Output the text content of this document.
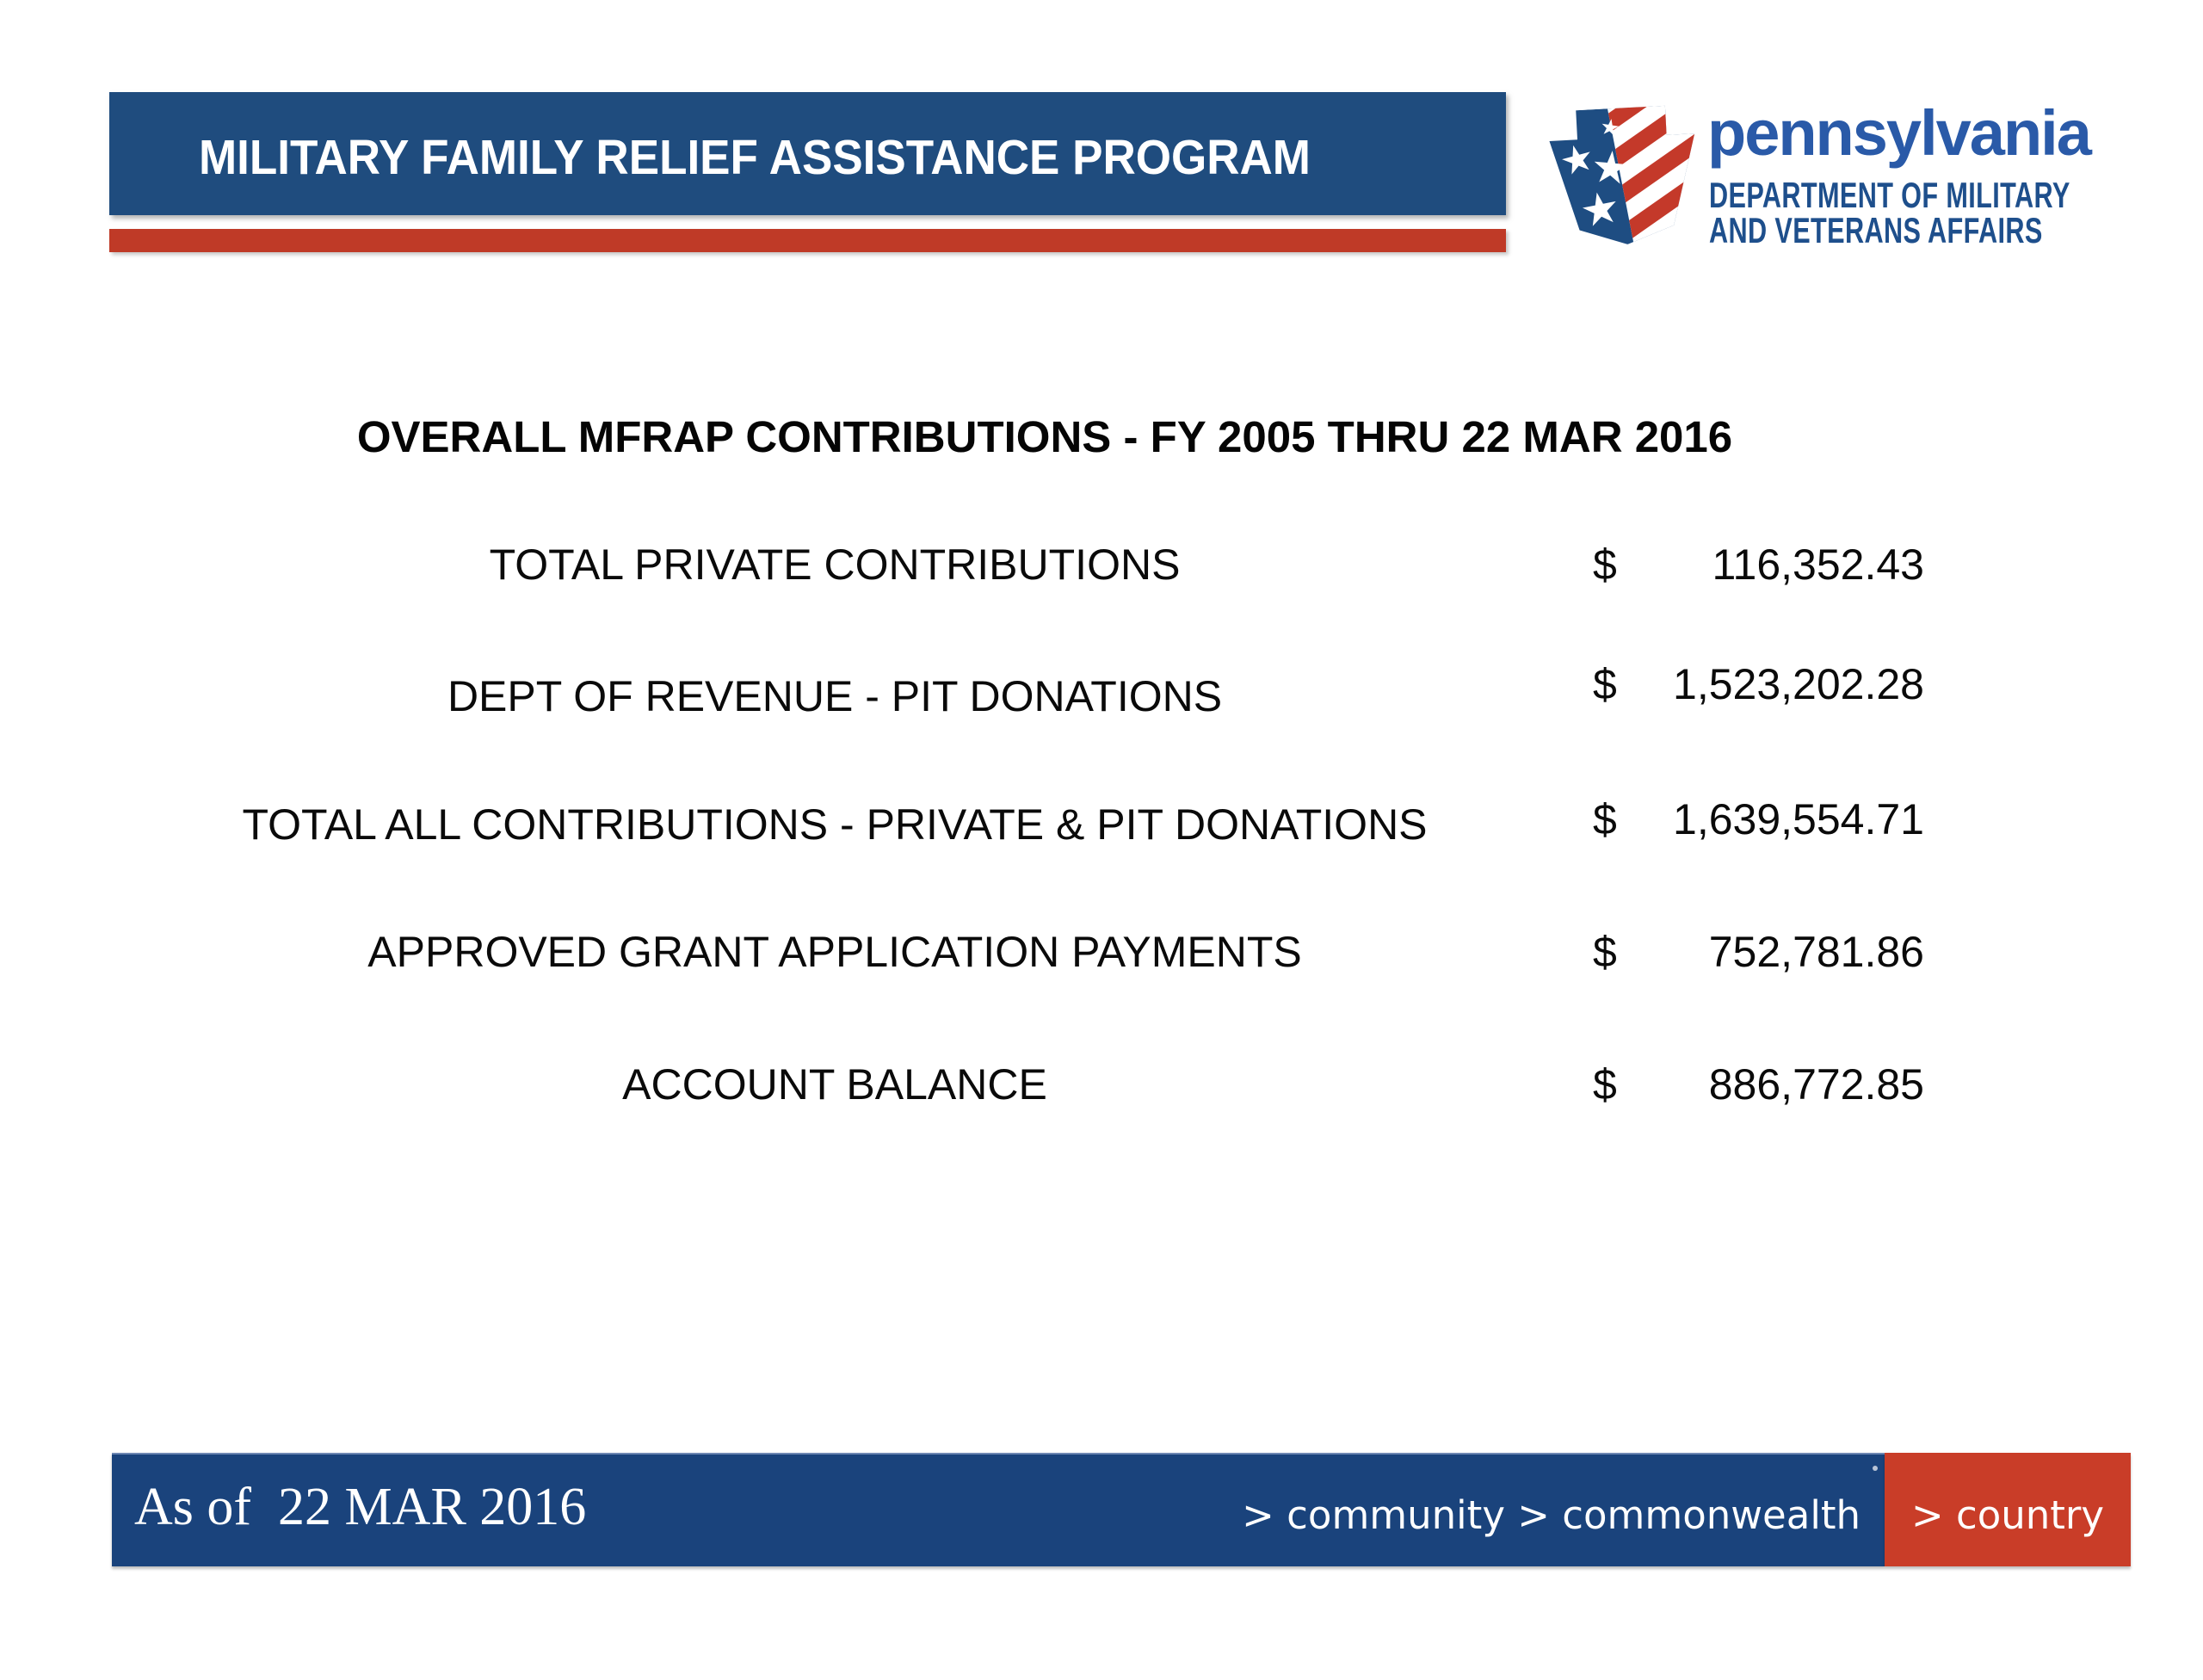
MILITARY FAMILY RELIEF ASSISTANCE PROGRAM	pennsylvania
DEPARTMENT OF MILITARY
AND VETERANS AFFAIRS
OVERALL MFRAP CONTRIBUTIONS - FY 2005 THRU 22 MAR 2016
TOTAL PRIVATE CONTRIBUTIONS	$	116,352.43
DEPT OF REVENUE - PIT DONATIONS	$	1,523,202.28
TOTAL ALL CONTRIBUTIONS - PRIVATE & PIT DONATIONS	$	1,639,554.71
APPROVED GRANT APPLICATION PAYMENTS	$	752,781.86
ACCOUNT BALANCE	$	886,772.85
As of  22 MAR 2016	> community > commonwealth	> country
